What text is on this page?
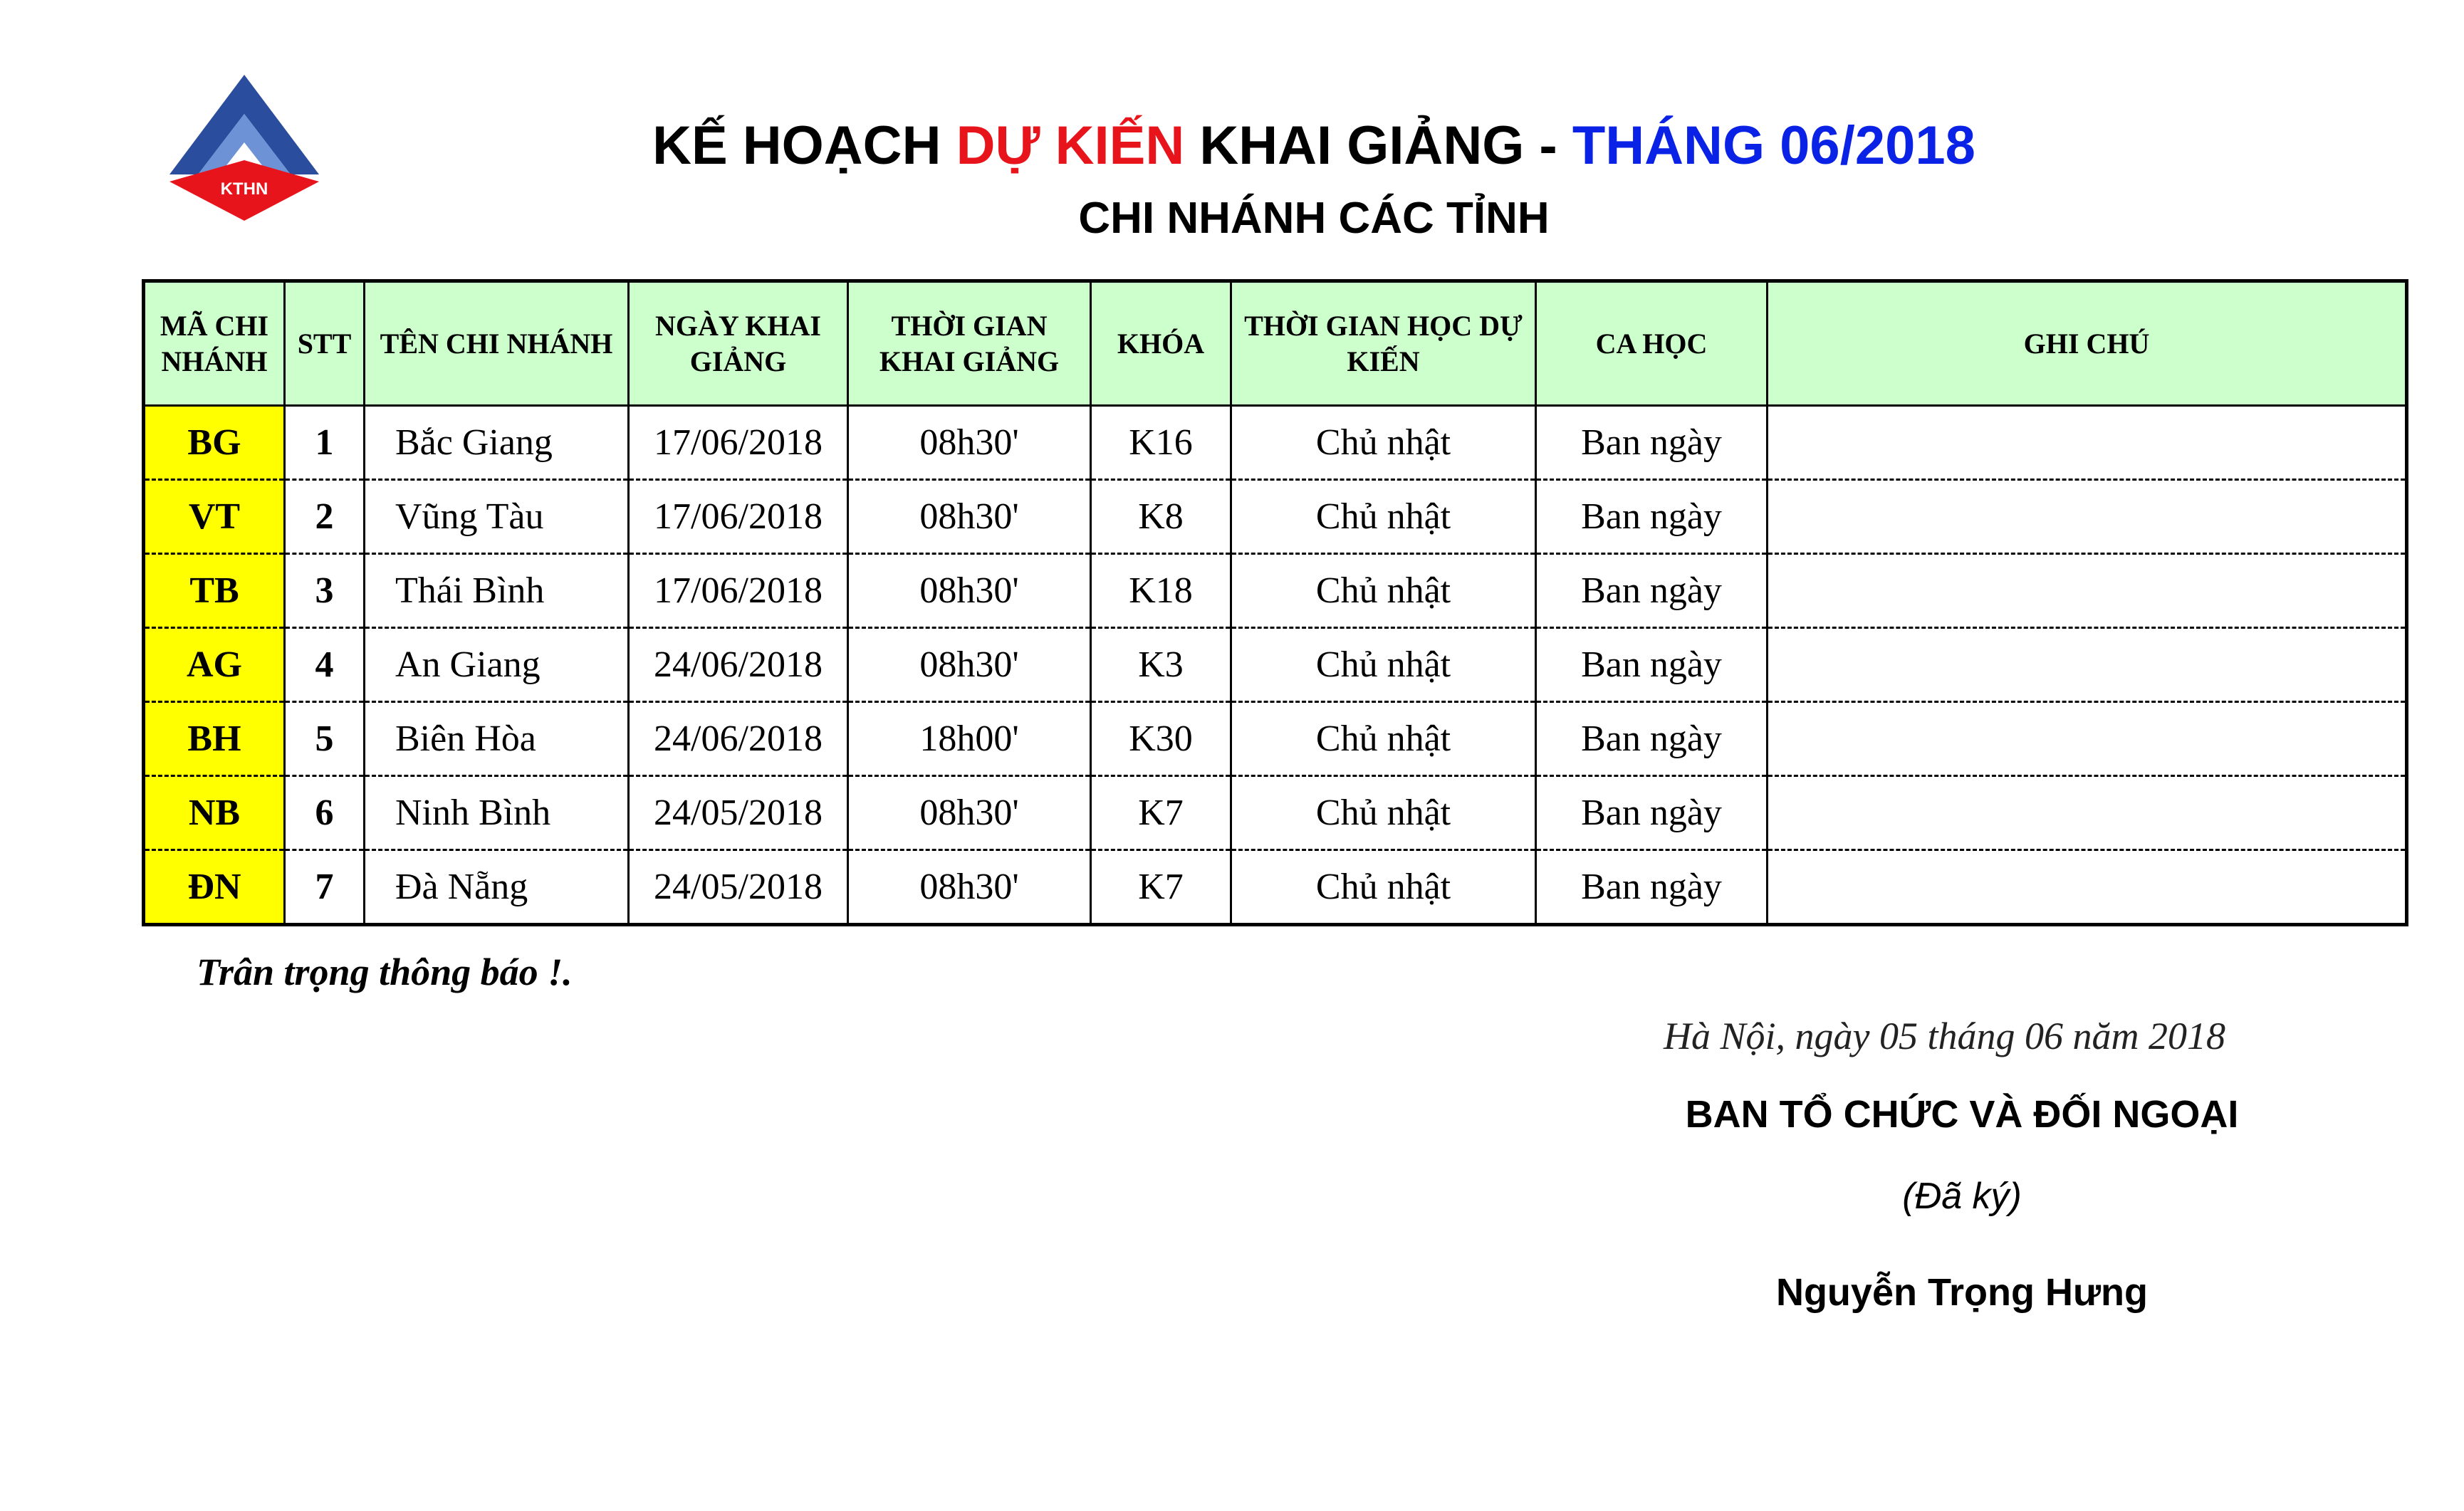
KTHN
KẾ HOẠCH DỰ KIẾN KHAI GIẢNG - THÁNG 06/2018
CHI NHÁNH CÁC TỈNH
MÃ CHI NHÁNH	STT	TÊN CHI NHÁNH	NGÀY KHAI GIẢNG	THỜI GIAN KHAI GIẢNG	KHÓA	THỜI GIAN HỌC DỰ KIẾN	CA HỌC	GHI CHÚ
BG	1	Bắc Giang	17/06/2018	08h30'	K16	Chủ nhật	Ban ngày	
VT	2	Vũng Tàu	17/06/2018	08h30'	K8	Chủ nhật	Ban ngày	
TB	3	Thái Bình	17/06/2018	08h30'	K18	Chủ nhật	Ban ngày	
AG	4	An Giang	24/06/2018	08h30'	K3	Chủ nhật	Ban ngày	
BH	5	Biên Hòa	24/06/2018	18h00'	K30	Chủ nhật	Ban ngày	
NB	6	Ninh Bình	24/05/2018	08h30'	K7	Chủ nhật	Ban ngày	
ĐN	7	Đà Nẵng	24/05/2018	08h30'	K7	Chủ nhật	Ban ngày	
Trân trọng thông báo !.
Hà Nội, ngày 05 tháng 06 năm 2018
BAN TỔ CHỨC VÀ ĐỐI NGOẠI
(Đã ký)
Nguyễn Trọng Hưng
